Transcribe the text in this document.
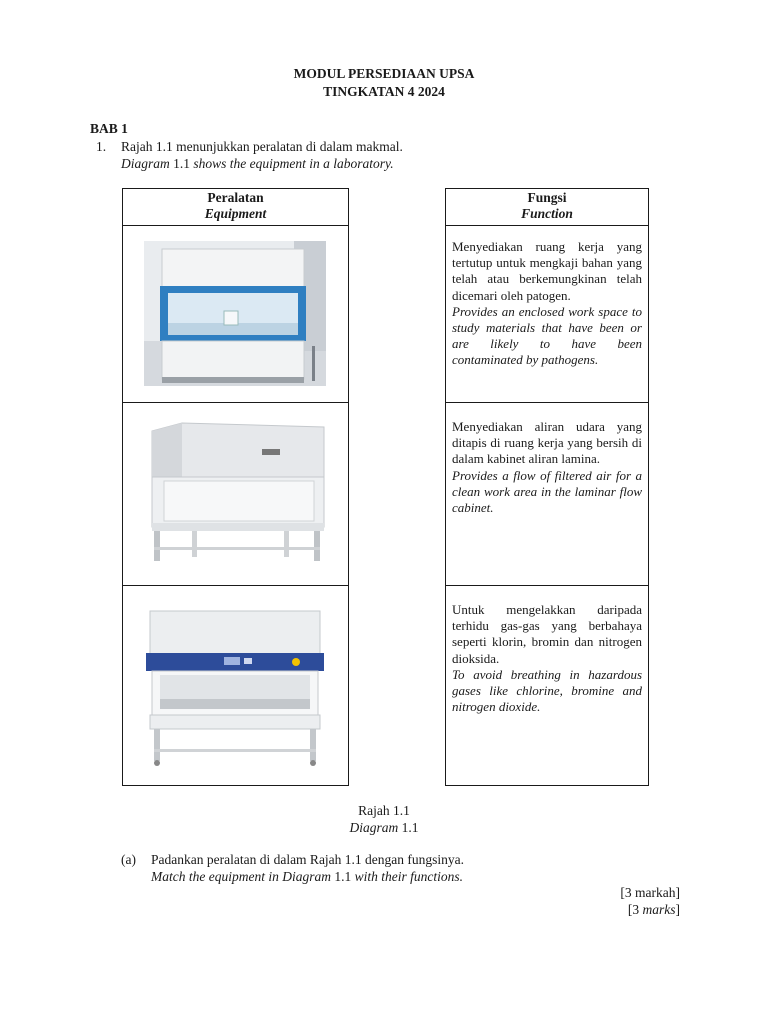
MODUL PERSEDIAAN UPSA
TINGKATAN 4 2024
BAB 1
1. Rajah 1.1 menunjukkan peralatan di dalam makmal.
Diagram 1.1 shows the equipment in a laboratory.
Peralatan
Equipment
Fungsi
Function
Menyediakan ruang kerja yang tertutup untuk mengkaji bahan yang telah atau berkemungkinan telah dicemari oleh patogen.
Provides an enclosed work space to study materials that have been or are likely to have been contaminated by pathogens.
Menyediakan aliran udara yang ditapis di ruang kerja yang bersih di dalam kabinet aliran lamina.
Provides a flow of filtered air for a clean work area in the laminar flow cabinet.
Untuk mengelakkan daripada terhidu gas-gas yang berbahaya seperti klorin, bromin dan nitrogen dioksida.
To avoid breathing in hazardous gases like chlorine, bromine and nitrogen dioxide.
Rajah 1.1
Diagram 1.1
(a) Padankan peralatan di dalam Rajah 1.1 dengan fungsinya.
Match the equipment in Diagram 1.1 with their functions.
[3 markah]
[3 marks]
